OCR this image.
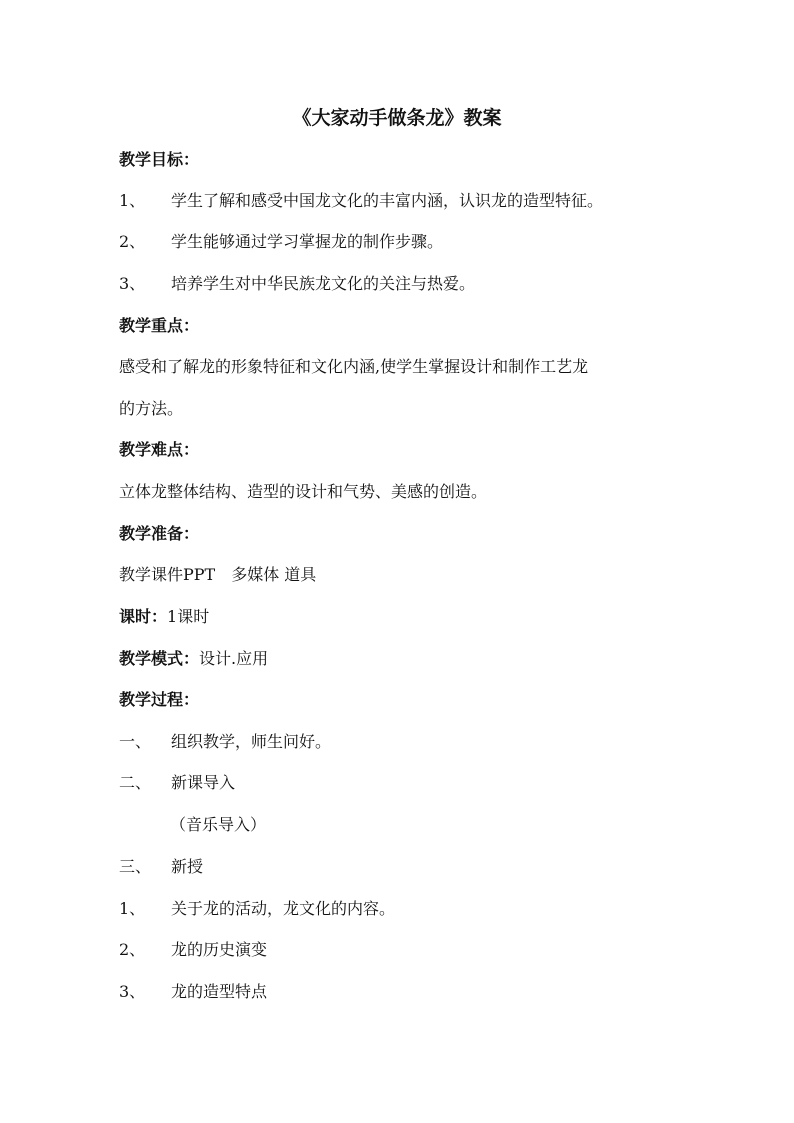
《大家动手做条龙》教案
教学目标：
1、 学生了解和感受中国龙文化的丰富内涵，认识龙的造型特征。
2、 学生能够通过学习掌握龙的制作步骤。
3、 培养学生对中华民族龙文化的关注与热爱。
教学重点：
感受和了解龙的形象特征和文化内涵,使学生掌握设计和制作工艺龙
的方法。
教学难点：
立体龙整体结构、造型的设计和气势、美感的创造。
教学准备：
教学课件PPT　多媒体 道具
课时：1课时
教学模式：设计.应用
教学过程：
一、 组织教学，师生问好。
二、 新课导入
（音乐导入）
三、 新授
1、 关于龙的活动，龙文化的内容。
2、 龙的历史演变
3、 龙的造型特点
